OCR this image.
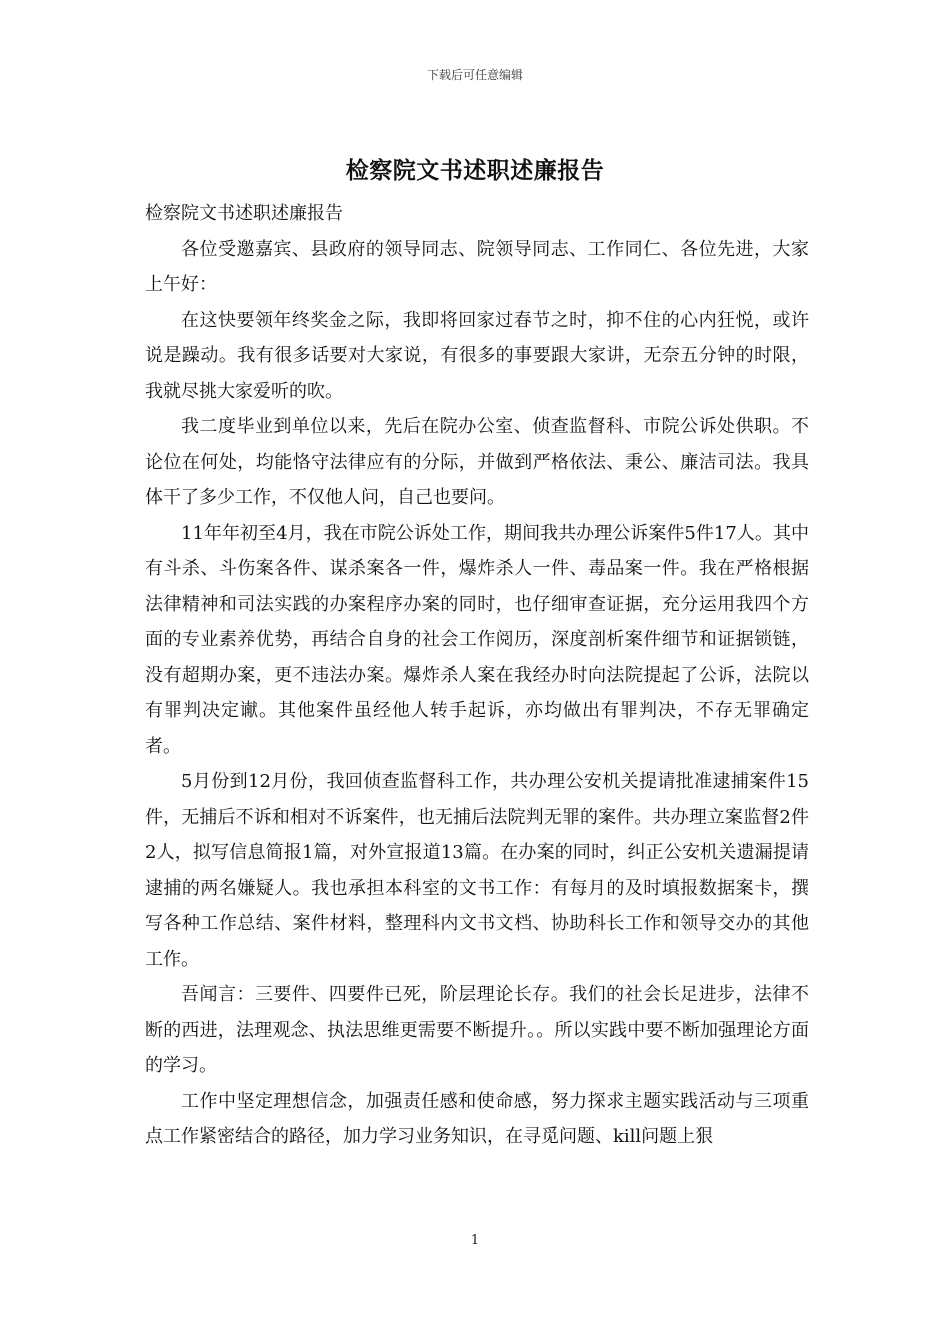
下载后可任意编辑
检察院文书述职述廉报告

检察院文书述职述廉报告

各位受邀嘉宾、县政府的领导同志、院领导同志、工作同仁、各位先进，大家上午好：

在这快要领年终奖金之际，我即将回家过春节之时，抑不住的心内狂悦，或许说是躁动。我有很多话要对大家说，有很多的事要跟大家讲，无奈五分钟的时限，我就尽挑大家爱听的吹。

我二度毕业到单位以来，先后在院办公室、侦查监督科、市院公诉处供职。不论位在何处，均能恪守法律应有的分际，并做到严格依法、秉公、廉洁司法。我具体干了多少工作，不仅他人问，自己也要问。

11年年初至4月，我在市院公诉处工作，期间我共办理公诉案件5件17人。其中有斗杀、斗伤案各件、谋杀案各一件，爆炸杀人一件、毒品案一件。我在严格根据法律精神和司法实践的办案程序办案的同时，也仔细审查证据，充分运用我四个方面的专业素养优势，再结合自身的社会工作阅历，深度剖析案件细节和证据锁链，没有超期办案，更不违法办案。爆炸杀人案在我经办时向法院提起了公诉，法院以有罪判决定谳。其他案件虽经他人转手起诉，亦均做出有罪判决，不存无罪确定者。

5月份到12月份，我回侦查监督科工作，共办理公安机关提请批准逮捕案件15件，无捕后不诉和相对不诉案件，也无捕后法院判无罪的案件。共办理立案监督2件2人，拟写信息简报1篇，对外宣报道13篇。在办案的同时，纠正公安机关遗漏提请逮捕的两名嫌疑人。我也承担本科室的文书工作：有每月的及时填报数据案卡，撰写各种工作总结、案件材料，整理科内文书文档、协助科长工作和领导交办的其他工作。

吾闻言：三要件、四要件已死，阶层理论长存。我们的社会长足进步，法律不断的西进，法理观念、执法思维更需要不断提升。。所以实践中要不断加强理论方面的学习。

工作中坚定理想信念，加强责任感和使命感，努力探求主题实践活动与三项重点工作紧密结合的路径，加力学习业务知识，在寻觅问题、kill问题上狠

1
